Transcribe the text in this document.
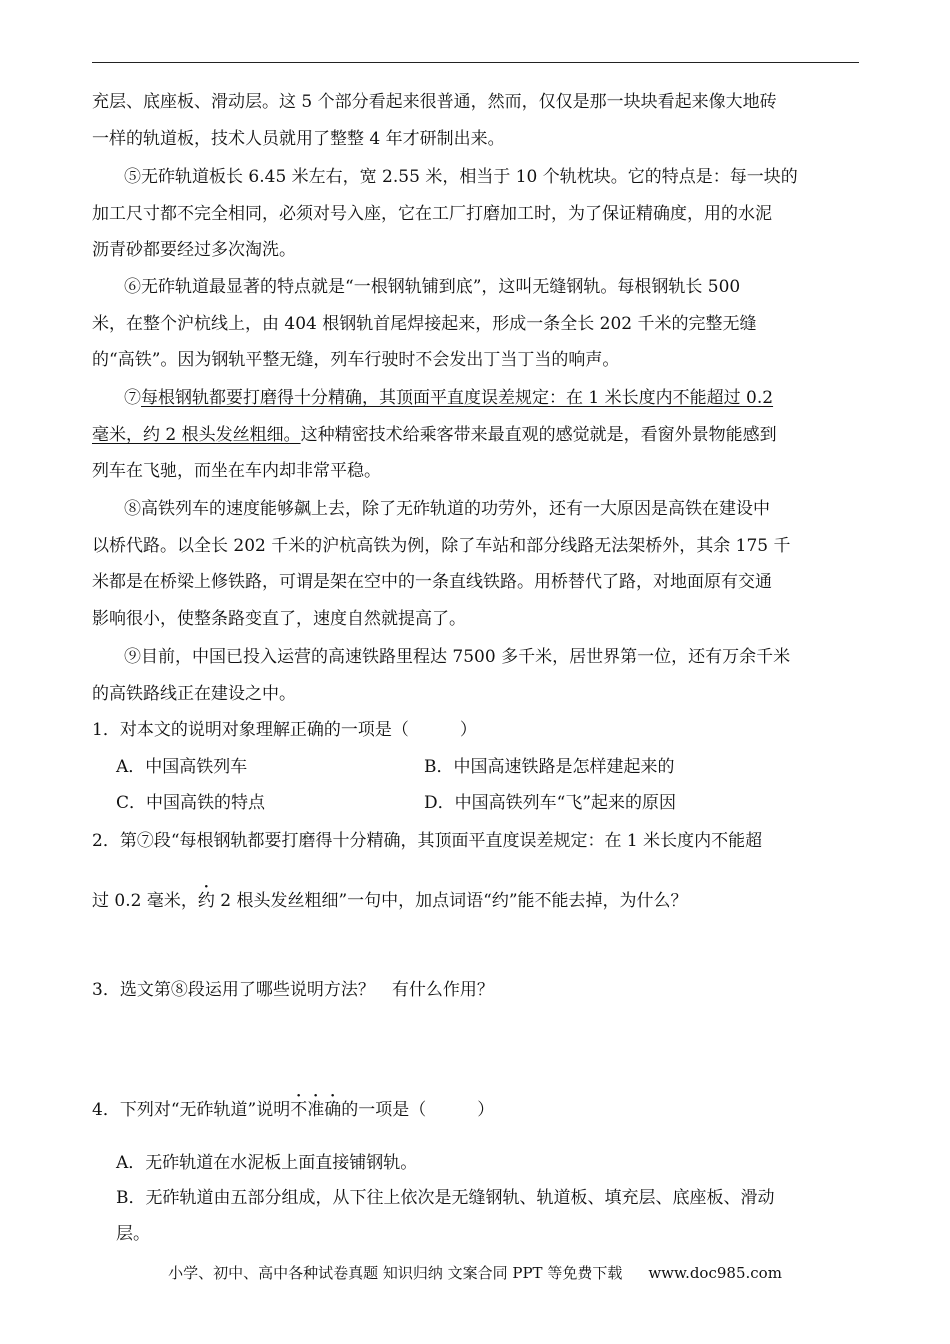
充层、底座板、滑动层。这 5 个部分看起来很普通，然而，仅仅是那一块块看起来像大地砖
一样的轨道板，技术人员就用了整整 4 年才研制出来。
⑤无砟轨道板长 6.45 米左右，宽 2.55 米，相当于 10 个轨枕块。它的特点是：每一块的
加工尺寸都不完全相同，必须对号入座，它在工厂打磨加工时，为了保证精确度，用的水泥
沥青砂都要经过多次淘洗。
⑥无砟轨道最显著的特点就是“一根钢轨铺到底”，这叫无缝钢轨。每根钢轨长 500
米，在整个沪杭线上，由 404 根钢轨首尾焊接起来，形成一条全长 202 千米的完整无缝
的“高铁”。因为钢轨平整无缝，列车行驶时不会发出丁当丁当的响声。
⑦每根钢轨都要打磨得十分精确，其顶面平直度误差规定：在 1 米长度内不能超过 0.2
毫米，约 2 根头发丝粗细。这种精密技术给乘客带来最直观的感觉就是，看窗外景物能感到
列车在飞驰，而坐在车内却非常平稳。
⑧高铁列车的速度能够飙上去，除了无砟轨道的功劳外，还有一大原因是高铁在建设中
以桥代路。以全长 202 千米的沪杭高铁为例，除了车站和部分线路无法架桥外，其余 175 千
米都是在桥梁上修铁路，可谓是架在空中的一条直线铁路。用桥替代了路，对地面原有交通
影响很小，使整条路变直了，速度自然就提高了。
⑨目前，中国已投入运营的高速铁路里程达 7500 多千米，居世界第一位，还有万余千米
的高铁路线正在建设之中。
1．对本文的说明对象理解正确的一项是（　　　）
A．中国高铁列车	B．中国高速铁路是怎样建起来的
C．中国高铁的特点	D．中国高铁列车“飞”起来的原因
2．第⑦段“每根钢轨都要打磨得十分精确，其顶面平直度误差规定：在 1 米长度内不能超
过 0.2 毫米，约 2 根头发丝粗细”一句中，加点词语“约”能不能去掉，为什么？
3．选文第⑧段运用了哪些说明方法？　有什么作用？
4．下列对“无砟轨道”说明不准确的一项是（　　　）
A．无砟轨道在水泥板上面直接铺钢轨。
B．无砟轨道由五部分组成，从下往上依次是无缝钢轨、轨道板、填充层、底座板、滑动
层。
小学、初中、高中各种试卷真题 知识归纳 文案合同 PPT 等免费下载 www.doc985.com
